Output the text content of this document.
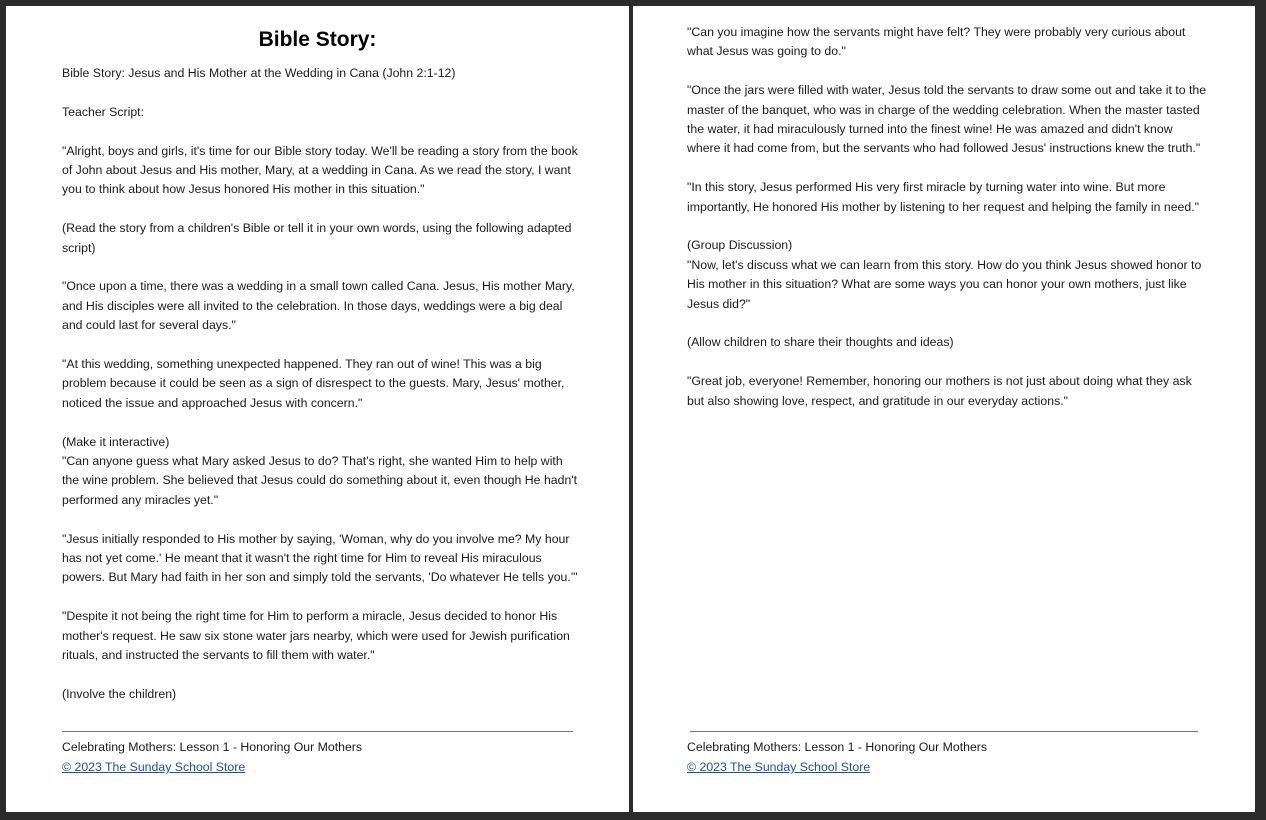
Bible Story:

Bible Story: Jesus and His Mother at the Wedding in Cana (John 2:1-12)

Teacher Script:

"Alright, boys and girls, it's time for our Bible story today. We'll be reading a story from the book of John about Jesus and His mother, Mary, at a wedding in Cana. As we read the story, I want you to think about how Jesus honored His mother in this situation."

(Read the story from a children's Bible or tell it in your own words, using the following adapted script)

"Once upon a time, there was a wedding in a small town called Cana. Jesus, His mother Mary, and His disciples were all invited to the celebration. In those days, weddings were a big deal and could last for several days."

"At this wedding, something unexpected happened. They ran out of wine! This was a big problem because it could be seen as a sign of disrespect to the guests. Mary, Jesus' mother, noticed the issue and approached Jesus with concern."

(Make it interactive)

"Can anyone guess what Mary asked Jesus to do? That's right, she wanted Him to help with the wine problem. She believed that Jesus could do something about it, even though He hadn't performed any miracles yet."

"Jesus initially responded to His mother by saying, 'Woman, why do you involve me? My hour has not yet come.' He meant that it wasn't the right time for Him to reveal His miraculous powers. But Mary had faith in her son and simply told the servants, 'Do whatever He tells you.'"

"Despite it not being the right time for Him to perform a miracle, Jesus decided to honor His mother's request. He saw six stone water jars nearby, which were used for Jewish purification rituals, and instructed the servants to fill them with water."

(Involve the children)

Celebrating Mothers: Lesson 1 - Honoring Our Mothers
© 2023 The Sunday School Store

"Can you imagine how the servants might have felt? They were probably very curious about what Jesus was going to do."

"Once the jars were filled with water, Jesus told the servants to draw some out and take it to the master of the banquet, who was in charge of the wedding celebration. When the master tasted the water, it had miraculously turned into the finest wine! He was amazed and didn't know where it had come from, but the servants who had followed Jesus' instructions knew the truth."

"In this story, Jesus performed His very first miracle by turning water into wine. But more importantly, He honored His mother by listening to her request and helping the family in need."

(Group Discussion)

"Now, let's discuss what we can learn from this story. How do you think Jesus showed honor to His mother in this situation? What are some ways you can honor your own mothers, just like Jesus did?"

(Allow children to share their thoughts and ideas)

"Great job, everyone! Remember, honoring our mothers is not just about doing what they ask but also showing love, respect, and gratitude in our everyday actions."

Celebrating Mothers: Lesson 1 - Honoring Our Mothers
© 2023 The Sunday School Store
